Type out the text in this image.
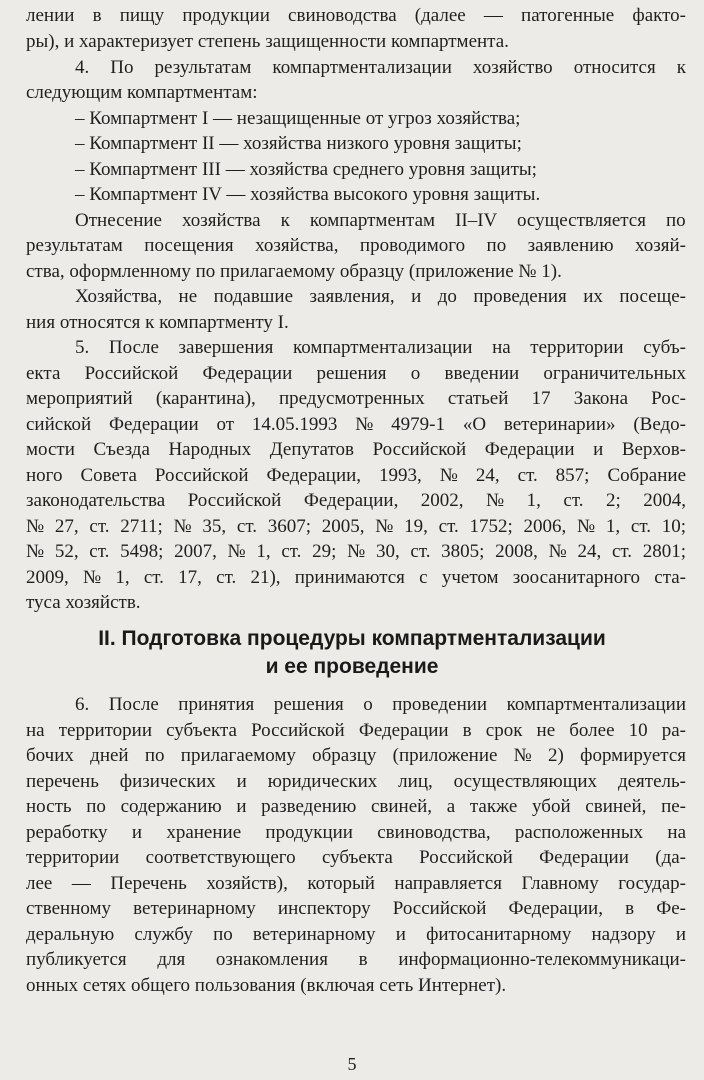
лении в пищу продукции свиноводства (далее — патогенные факто-
ры), и характеризует степень защищенности компартмента.
4. По результатам компартментализации хозяйство относится к
следующим компартментам:
– Компартмент I — незащищенные от угроз хозяйства;
– Компартмент II — хозяйства низкого уровня защиты;
– Компартмент III — хозяйства среднего уровня защиты;
– Компартмент IV — хозяйства высокого уровня защиты.
Отнесение хозяйства к компартментам II–IV осуществляется по
результатам посещения хозяйства, проводимого по заявлению хозяй-
ства, оформленному по прилагаемому образцу (приложение № 1).
Хозяйства, не подавшие заявления, и до проведения их посеще-
ния относятся к компартменту I.
5. После завершения компартментализации на территории субъ-
екта Российской Федерации решения о введении ограничительных
мероприятий (карантина), предусмотренных статьей 17 Закона Рос-
сийской Федерации от 14.05.1993 № 4979-1 «О ветеринарии» (Ведо-
мости Съезда Народных Депутатов Российской Федерации и Верхов-
ного Совета Российской Федерации, 1993, № 24, ст. 857; Собрание
законодательства Российской Федерации, 2002, № 1, ст. 2; 2004,
№ 27, ст. 2711; № 35, ст. 3607; 2005, № 19, ст. 1752; 2006, № 1, ст. 10;
№ 52, ст. 5498; 2007, № 1, ст. 29; № 30, ст. 3805; 2008, № 24, ст. 2801;
2009, № 1, ст. 17, ст. 21), принимаются с учетом зоосанитарного ста-
туса хозяйств.
II. Подготовка процедуры компартментализации
и ее проведение
6. После принятия решения о проведении компартментализации
на территории субъекта Российской Федерации в срок не более 10 ра-
бочих дней по прилагаемому образцу (приложение № 2) формируется
перечень физических и юридических лиц, осуществляющих деятель-
ность по содержанию и разведению свиней, а также убой свиней, пе-
реработку и хранение продукции свиноводства, расположенных на
территории соответствующего субъекта Российской Федерации (да-
лее — Перечень хозяйств), который направляется Главному государ-
ственному ветеринарному инспектору Российской Федерации, в Фе-
деральную службу по ветеринарному и фитосанитарному надзору и
публикуется для ознакомления в информационно-телекоммуникаци-
онных сетях общего пользования (включая сеть Интернет).
5
